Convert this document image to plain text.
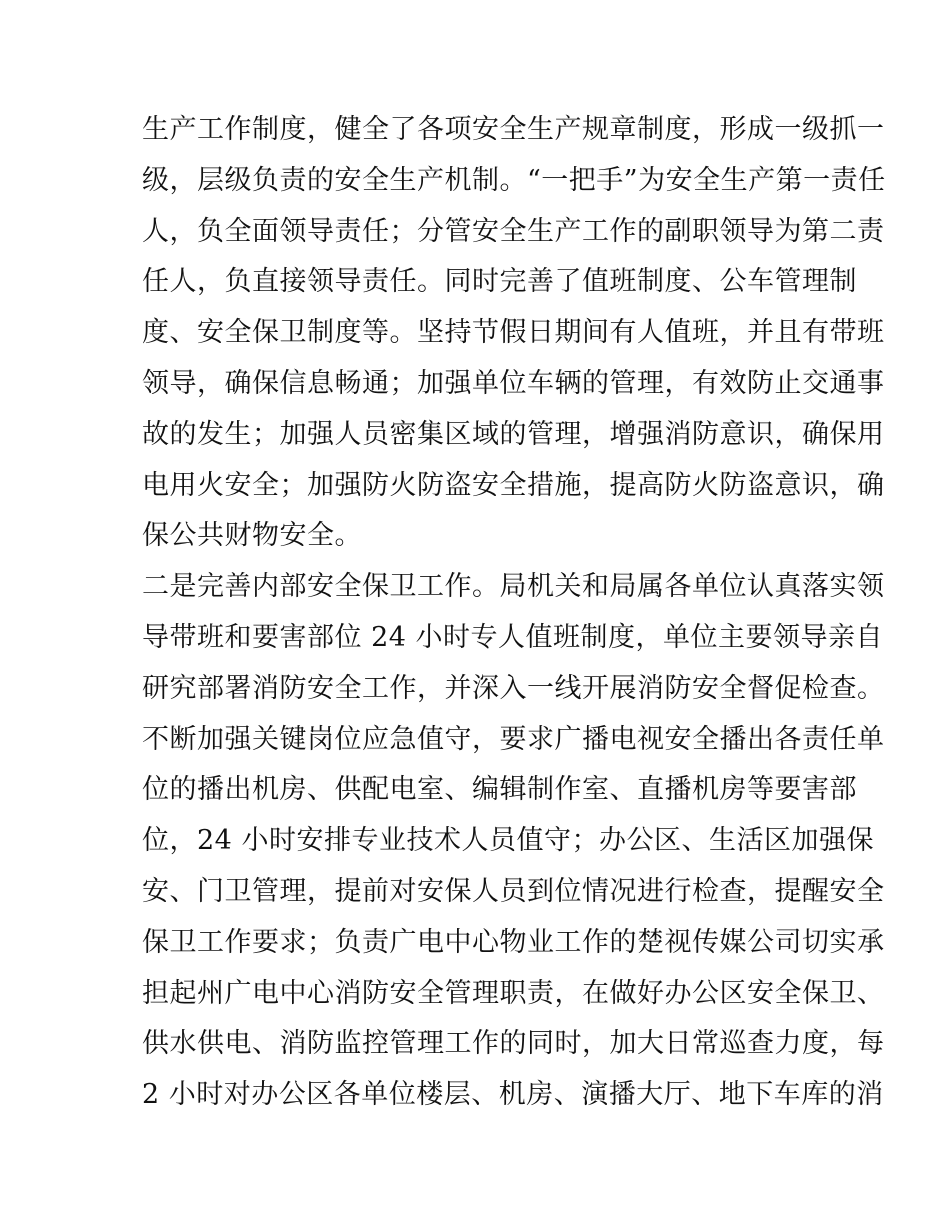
生产工作制度，健全了各项安全生产规章制度，形成一级抓一
级，层级负责的安全生产机制。“一把手”为安全生产第一责任
人，负全面领导责任；分管安全生产工作的副职领导为第二责
任人，负直接领导责任。同时完善了值班制度、公车管理制
度、安全保卫制度等。坚持节假日期间有人值班，并且有带班
领导，确保信息畅通；加强单位车辆的管理，有效防止交通事
故的发生；加强人员密集区域的管理，增强消防意识，确保用
电用火安全；加强防火防盗安全措施，提高防火防盗意识，确
保公共财物安全。
二是完善内部安全保卫工作。局机关和局属各单位认真落实领
导带班和要害部位 24 小时专人值班制度，单位主要领导亲自
研究部署消防安全工作，并深入一线开展消防安全督促检查。
不断加强关键岗位应急值守，要求广播电视安全播出各责任单
位的播出机房、供配电室、编辑制作室、直播机房等要害部
位，24 小时安排专业技术人员值守；办公区、生活区加强保
安、门卫管理，提前对安保人员到位情况进行检查，提醒安全
保卫工作要求；负责广电中心物业工作的楚视传媒公司切实承
担起州广电中心消防安全管理职责，在做好办公区安全保卫、
供水供电、消防监控管理工作的同时，加大日常巡查力度，每
2 小时对办公区各单位楼层、机房、演播大厅、地下车库的消
